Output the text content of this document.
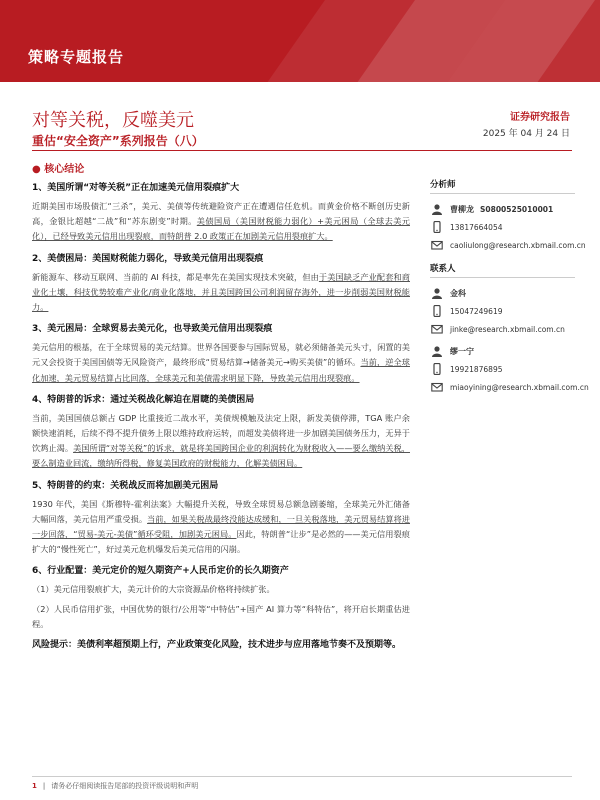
策略专题报告
对等关税，反噬美元
重估“安全资产”系列报告（八）
证券研究报告
2025 年 04 月 24 日
● 核心结论

1、美国所谓“对等关税”正在加速美元信用裂痕扩大

近期美国市场股债汇“三杀”，美元、美债等传统避险资产正在遭遇信任危机。而黄金价格不断创历史新高，金银比超越“二战”和“苏东剧变”时期。美债国局（美国财税能力弱化）+美元困局（全球去美元化），已经导致美元信用出现裂痕，而特朗普 2.0 政策正在加剧美元信用裂痕扩大。

2、美债困局：美国财税能力弱化，导致美元信用出现裂痕

新能源车、移动互联网、当前的 AI 科技，都是率先在美国实现技术突破，但由于美国缺乏产业配套和商业化土壤，科技优势较难产业化/商业化落地，并且美国跨国公司利润留存海外，进一步削弱美国财税能力。

3、美元困局：全球贸易去美元化，也导致美元信用出现裂痕

美元信用的根基，在于全球贸易的美元结算。世界各国要参与国际贸易，就必须储备美元头寸，闲置的美元又会投资于美国国债等无风险资产，最终形成“贸易结算→储备美元→购买美债”的循环。当前，逆全球化加速，美元贸易结算占比回落，全球美元和美债需求明显下降，导致美元信用出现裂痕。

4、特朗普的诉求：通过关税战化解迫在眉睫的美债困局

当前，美国国债总额占 GDP 比重接近二战水平，美债规模触及法定上限，新发美债停滞，TGA 账户余额快速消耗，后续不得不提升债务上限以维持政府运转，而超发美债将进一步加剧美国债务压力，无异于饮鸩止渴。美国所谓“对等关税”的诉求，就是将美国跨国企业的利润转化为财税收入——要么缴纳关税，要么制造业回流，缴纳所得税，修复美国政府的财税能力，化解美债困局。

5、特朗普的约束：关税战反而将加剧美元困局

1930 年代，美国《斯穆特-霍利法案》大幅提升关税，导致全球贸易总额急剧萎缩，全球美元外汇储备大幅回落，美元信用严重受损。当前，如果关税战最终没能达成缓和，一旦关税落地，美元贸易结算将进一步回落，“贸易-美元-美债”循环受阻，加剧美元困局。因此，特朗普“让步”是必然的——美元信用裂痕扩大的“慢性死亡”，好过美元危机爆发后美元信用的闪崩。

6、行业配置：美元定价的短久期资产+人民币定价的长久期资产

（1）美元信用裂痕扩大，美元计价的大宗资源品价格将持续扩张。

（2）人民币信用扩张，中国优势的银行/公用等“中特估”+国产 AI 算力等“科特估”，将开启长期重估进程。

风险提示：美债利率超预期上行，产业政策变化风险，技术进步与应用落地节奏不及预期等。

分析师
曹柳龙 S0800525010001
13817664054
caoliulong@research.xbmail.com.cn
联系人
金科
15047249619
jinke@research.xbmail.com.cn
缪一宁
19921876895
miaoyining@research.xbmail.com.cn
1 | 请务必仔细阅读报告尾部的投资评级说明和声明
